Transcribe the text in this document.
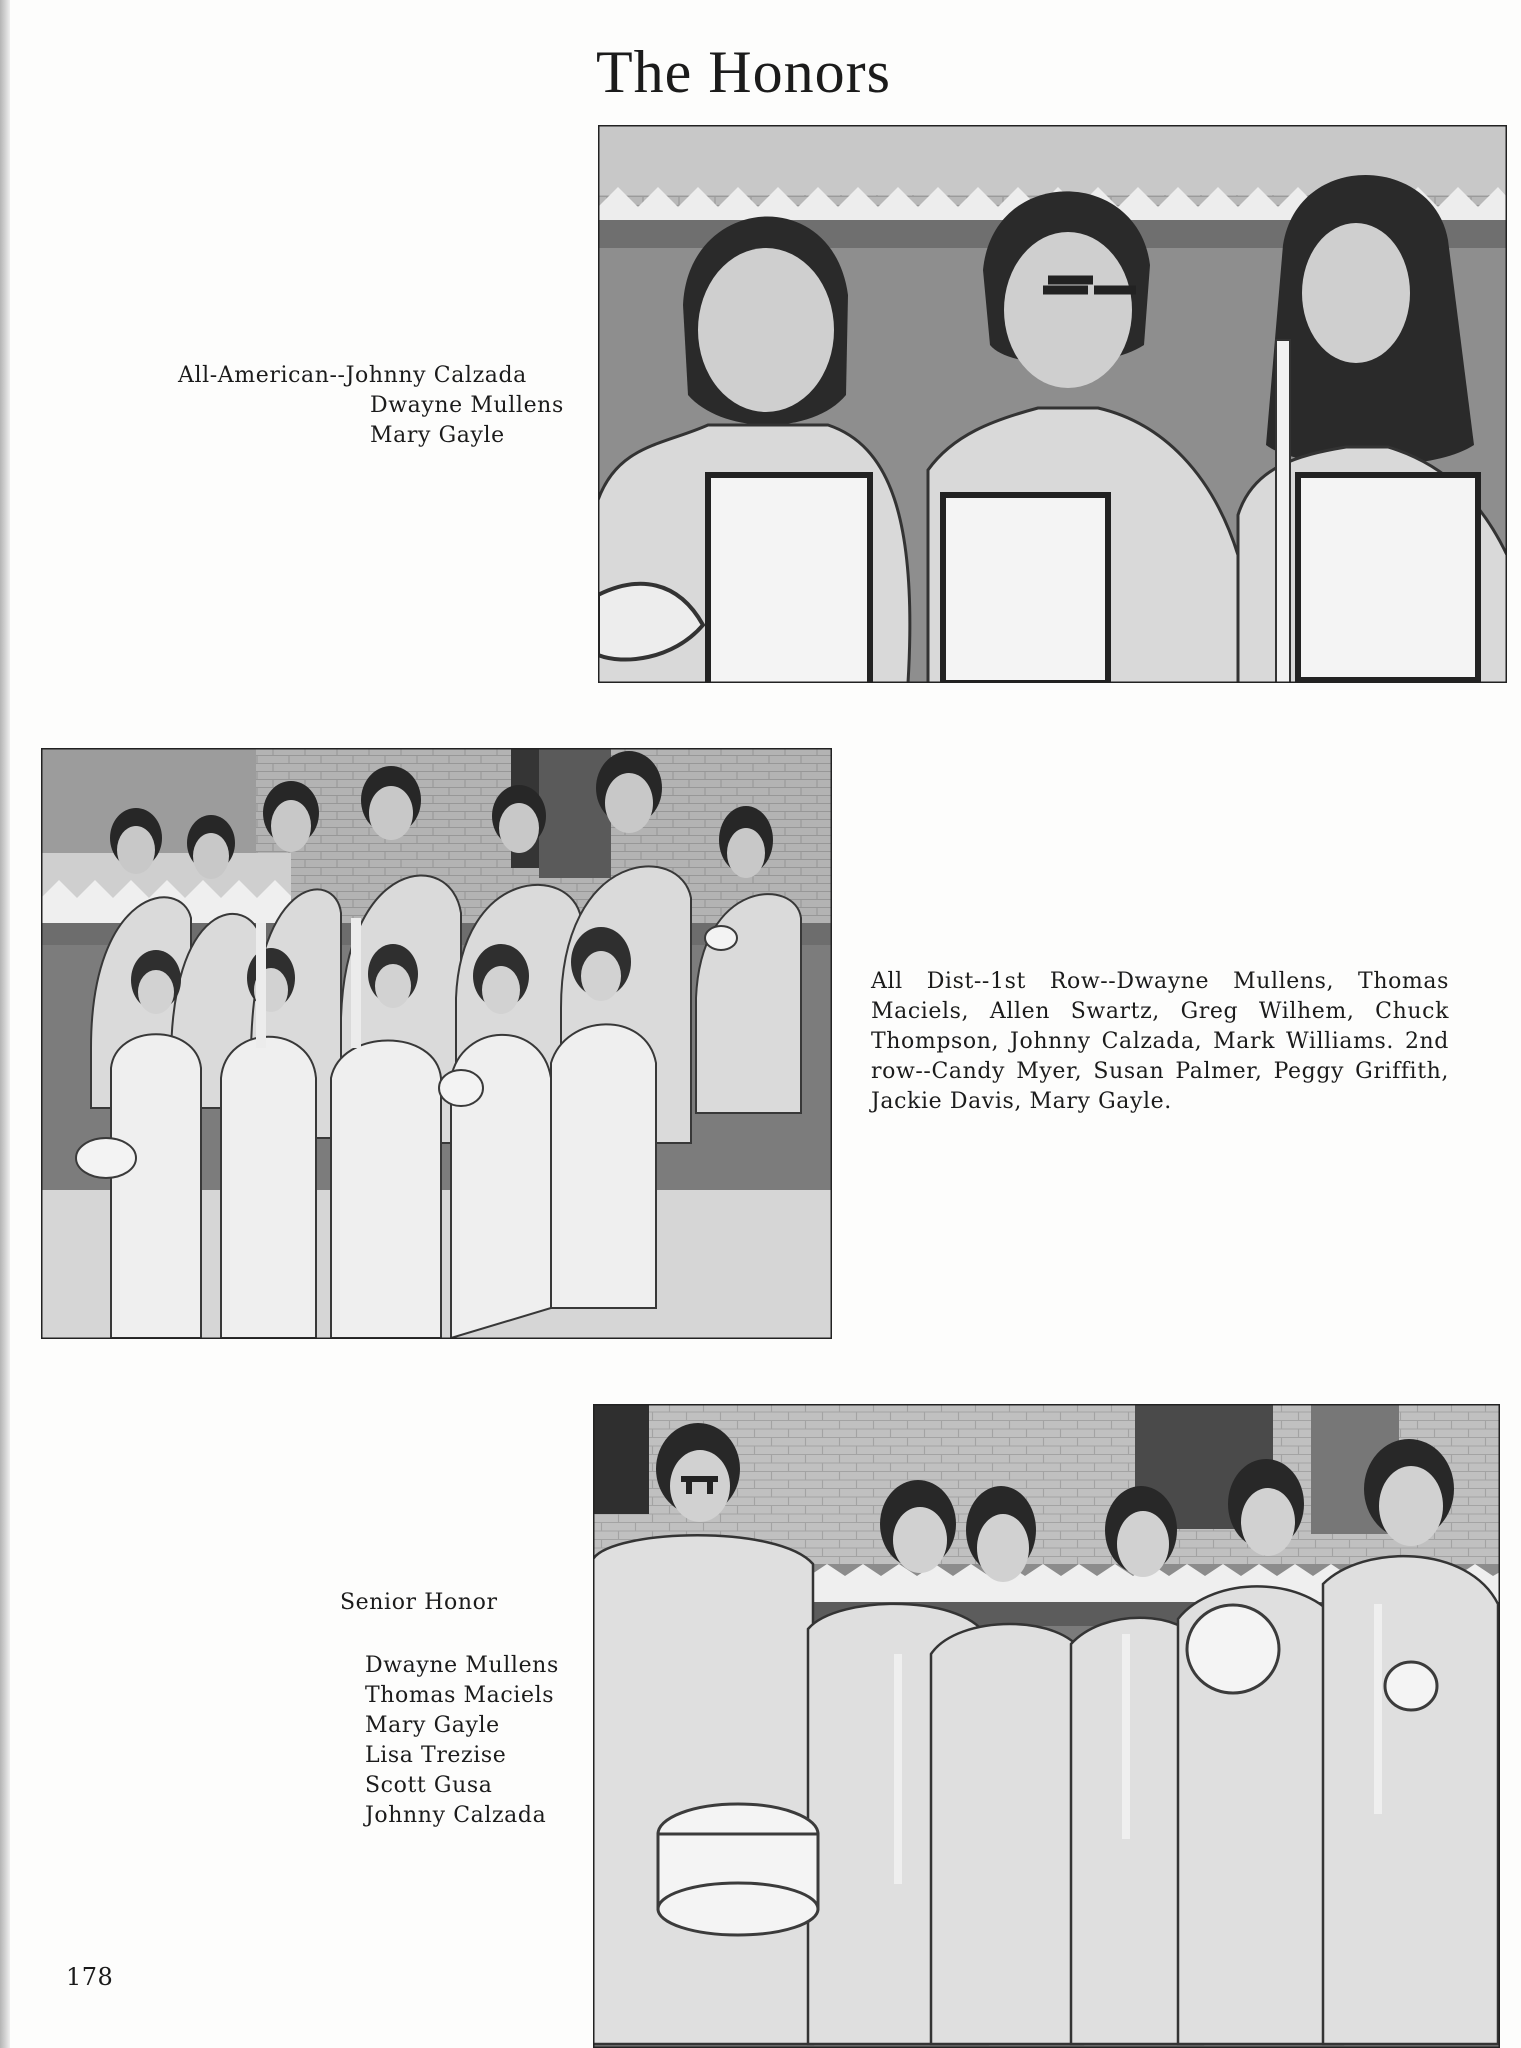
The Honors
All-American--Johnny Calzada
Dwayne Mullens
Mary Gayle
All Dist--1st Row--Dwayne Mullens, Thomas Maciels, Allen Swartz, Greg Wilhem, Chuck Thompson, Johnny Calzada, Mark Williams. 2nd row--Candy Myer, Susan Palmer, Peggy Griffith, Jackie Davis, Mary Gayle.
Senior Honor
Dwayne Mullens
Thomas Maciels
Mary Gayle
Lisa Trezise
Scott Gusa
Johnny Calzada
178
